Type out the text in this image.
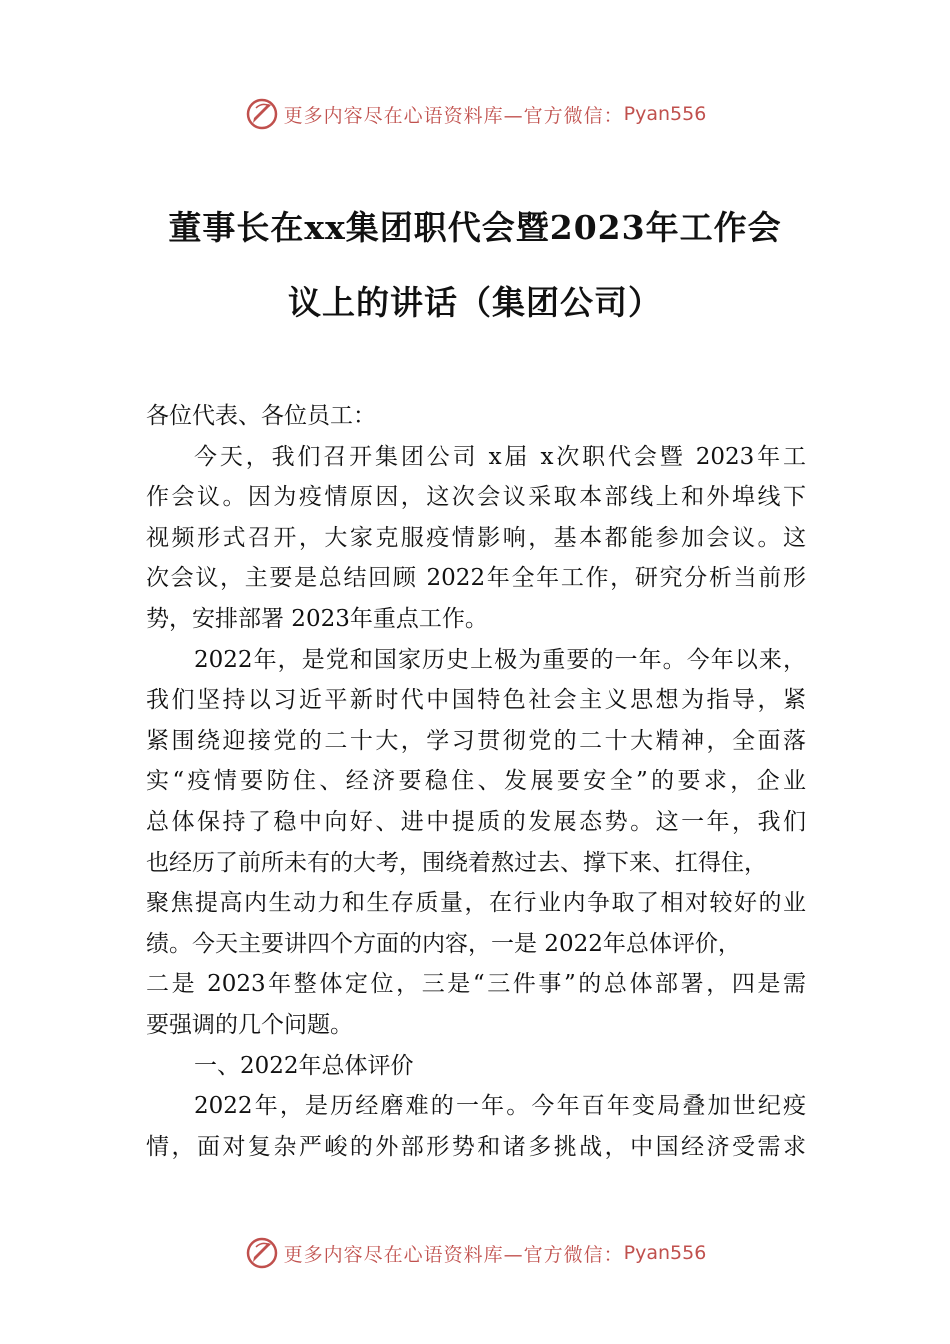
更多内容尽在心语资料库—官方微信： Pyan556
董事长在xx集团职代会暨2023年工作会
议上的讲话（集团公司）
各位代表、各位员工：
今天，我们召开集团公司 x届 x次职代会暨 2023年工
作会议。因为疫情原因，这次会议采取本部线上和外埠线下
视频形式召开，大家克服疫情影响，基本都能参加会议。这
次会议，主要是总结回顾 2022年全年工作，研究分析当前形
势，安排部署 2023年重点工作。
2022年，是党和国家历史上极为重要的一年。今年以来，
我们坚持以习近平新时代中国特色社会主义思想为指导，紧
紧围绕迎接党的二十大，学习贯彻党的二十大精神，全面落
实“疫情要防住、经济要稳住、发展要安全”的要求，企业
总体保持了稳中向好、进中提质的发展态势。这一年，我们
也经历了前所未有的大考，围绕着熬过去、撑下来、扛得住，
聚焦提高内生动力和生存质量，在行业内争取了相对较好的业
绩。今天主要讲四个方面的内容，一是 2022年总体评价，
二是 2023年整体定位，三是“三件事”的总体部署，四是需
要强调的几个问题。
一、2022年总体评价
2022年，是历经磨难的一年。今年百年变局叠加世纪疫
情，面对复杂严峻的外部形势和诸多挑战，中国经济受需求
更多内容尽在心语资料库—官方微信： Pyan556
